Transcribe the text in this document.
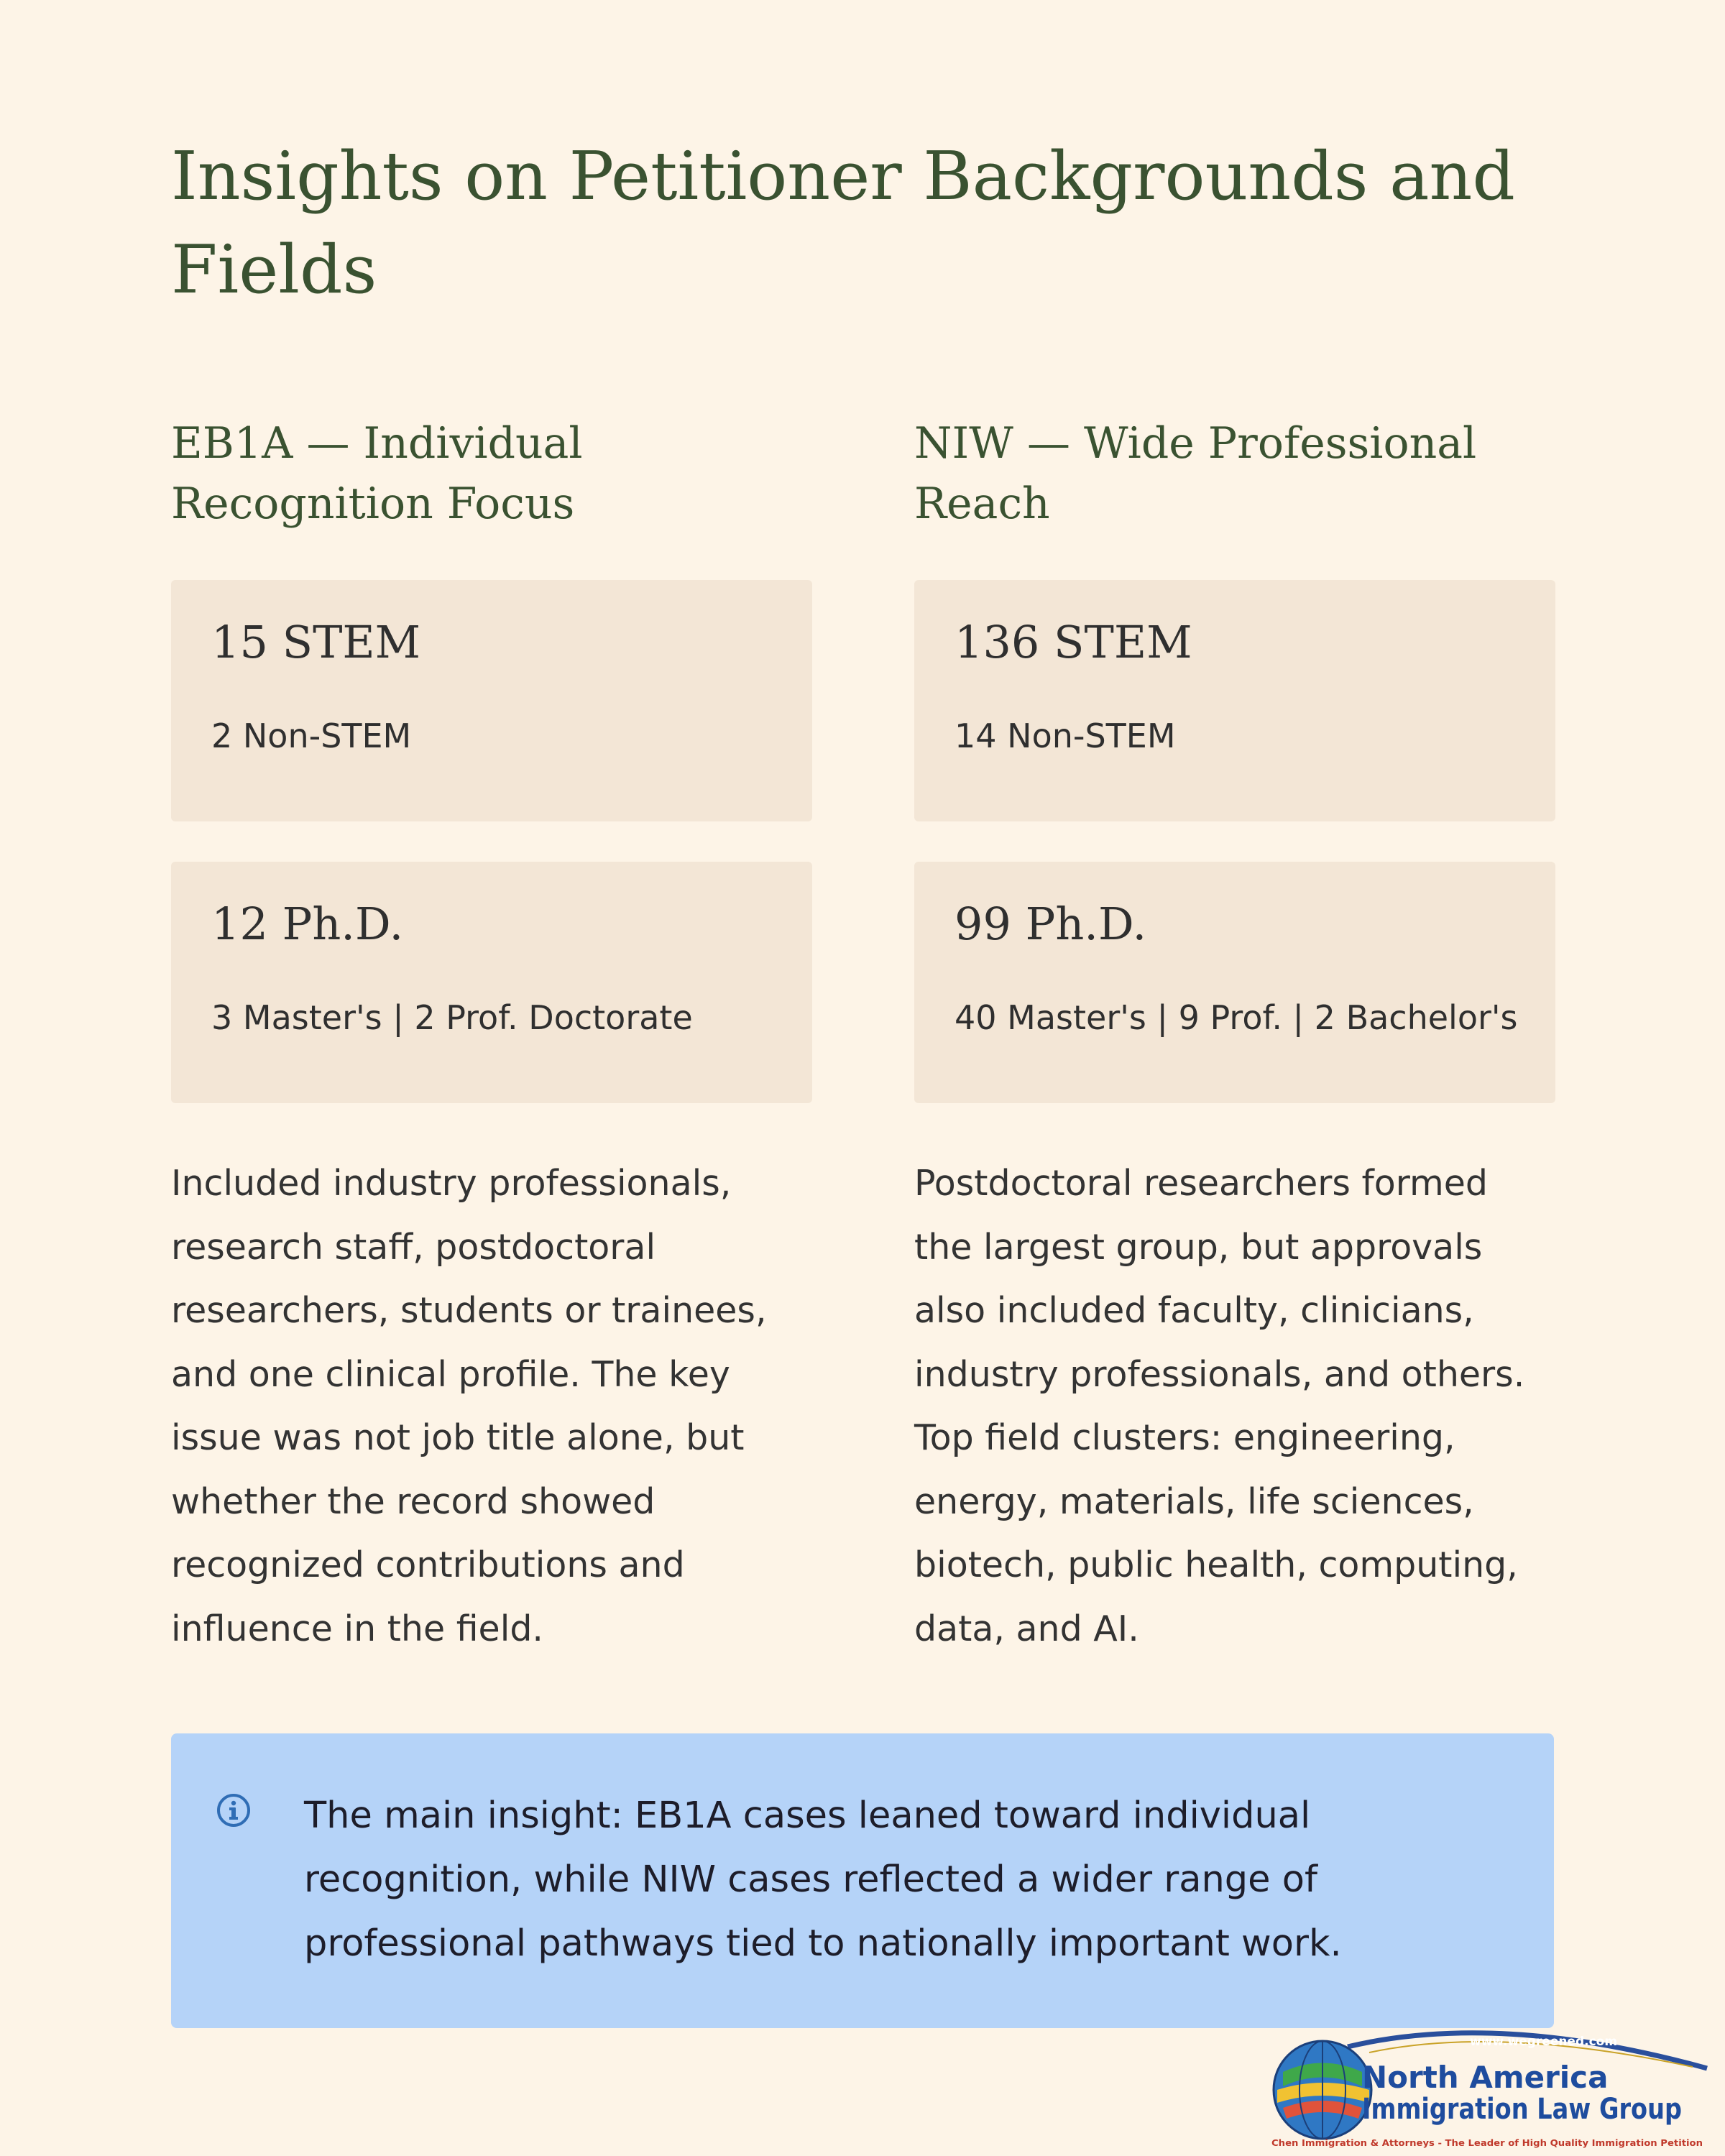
Insights on Petitioner Backgrounds and Fields
EB1A — Individual Recognition Focus
15 STEM
2 Non-STEM
12 Ph.D.
3 Master's | 2 Prof. Doctorate
Included industry professionals, research staff, postdoctoral researchers, students or trainees, and one clinical profile. The key issue was not job title alone, but whether the record showed recognized contributions and influence in the field.
NIW — Wide Professional Reach
136 STEM
14 Non-STEM
99 Ph.D.
40 Master's | 9 Prof. | 2 Bachelor's
Postdoctoral researchers formed the largest group, but approvals also included faculty, clinicians, industry professionals, and others. Top field clusters: engineering, energy, materials, life sciences, biotech, public health, computing, data, and AI.
The main insight: EB1A cases leaned toward individual recognition, while NIW cases reflected a wider range of professional pathways tied to nationally important work.
www.wegreened.com
North America
Immigration Law Group
Chen Immigration & Attorneys - The Leader of High Quality Immigration Petition
